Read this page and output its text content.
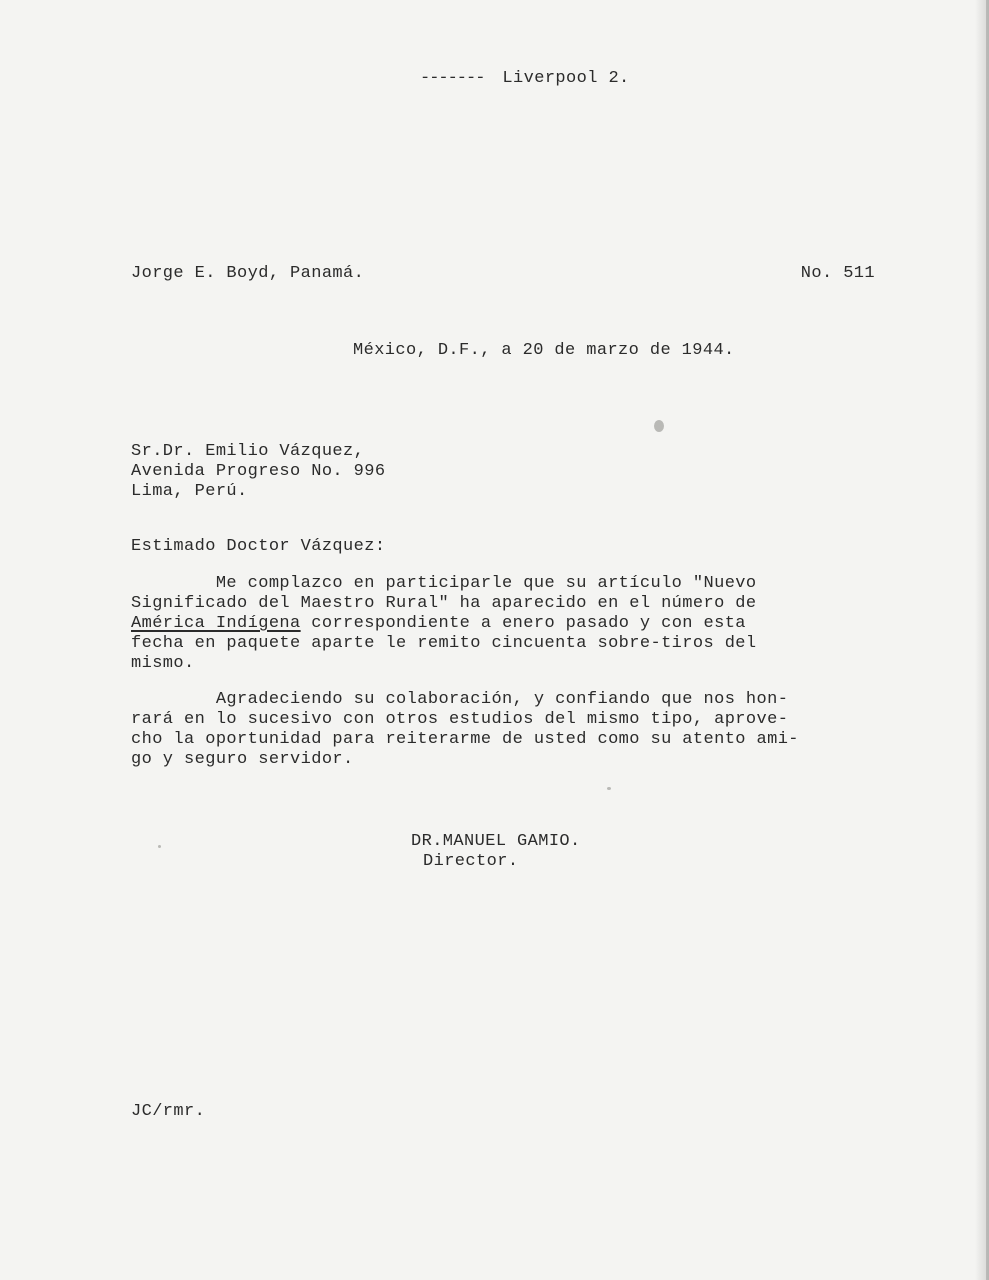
------- Liverpool 2.
Jorge E. Boyd, Panamá.	No. 511
México, D.F., a 20 de marzo de 1944.
Sr.Dr. Emilio Vázquez,
Avenida Progreso No. 996
Lima, Perú.
Estimado Doctor Vázquez:

Me complazco en participarle que su artículo "Nuevo

Significado del Maestro Rural" ha aparecido en el número de

América Indígena correspondiente a enero pasado y con esta

fecha en paquete aparte le remito cincuenta sobre-tiros del

mismo.

Agradeciendo su colaboración, y confiando que nos hon-

rará en lo sucesivo con otros estudios del mismo tipo, aprove-

cho la oportunidad para reiterarme de usted como su atento ami-

go y seguro servidor.

DR.MANUEL GAMIO.
Director.
JC/rmr.
